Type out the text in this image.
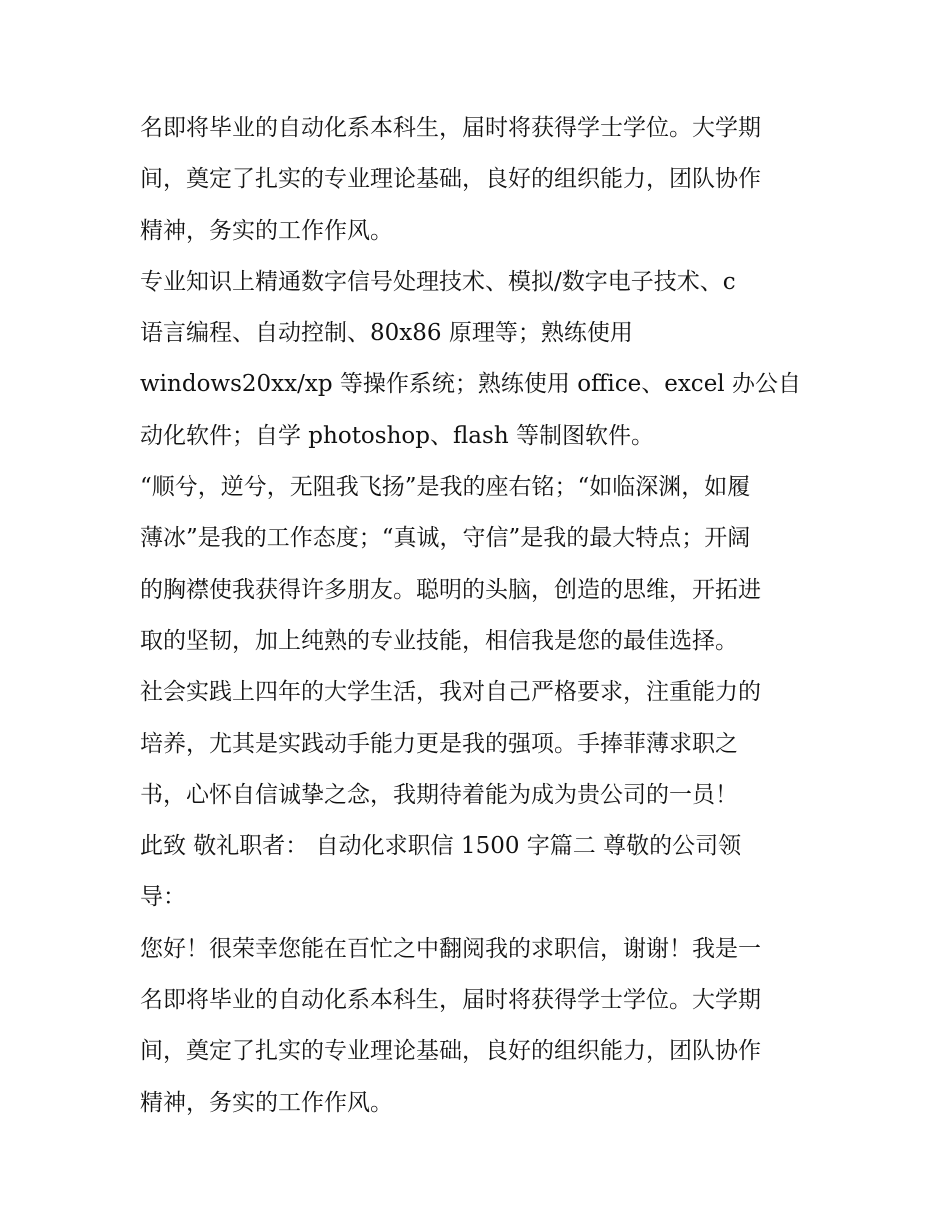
名即将毕业的自动化系本科生，届时将获得学士学位。大学期
间，奠定了扎实的专业理论基础，良好的组织能力，团队协作
精神，务实的工作作风。
专业知识上精通数字信号处理技术、模拟/数字电子技术、c
语言编程、自动控制、80x86 原理等；熟练使用
windows20xx/xp 等操作系统；熟练使用 office、excel 办公自
动化软件；自学 photoshop、flash 等制图软件。
“顺兮，逆兮，无阻我飞扬”是我的座右铭；“如临深渊，如履
薄冰”是我的工作态度；“真诚，守信”是我的最大特点；开阔
的胸襟使我获得许多朋友。聪明的头脑，创造的思维，开拓进
取的坚韧，加上纯熟的专业技能，相信我是您的最佳选择。
社会实践上四年的大学生活，我对自己严格要求，注重能力的
培养，尤其是实践动手能力更是我的强项。手捧菲薄求职之
书，心怀自信诚挚之念，我期待着能为成为贵公司的一员！
此致 敬礼职者： 自动化求职信 1500 字篇二 尊敬的公司领
导：
您好！很荣幸您能在百忙之中翻阅我的求职信，谢谢！我是一
名即将毕业的自动化系本科生，届时将获得学士学位。大学期
间，奠定了扎实的专业理论基础，良好的组织能力，团队协作
精神，务实的工作作风。
